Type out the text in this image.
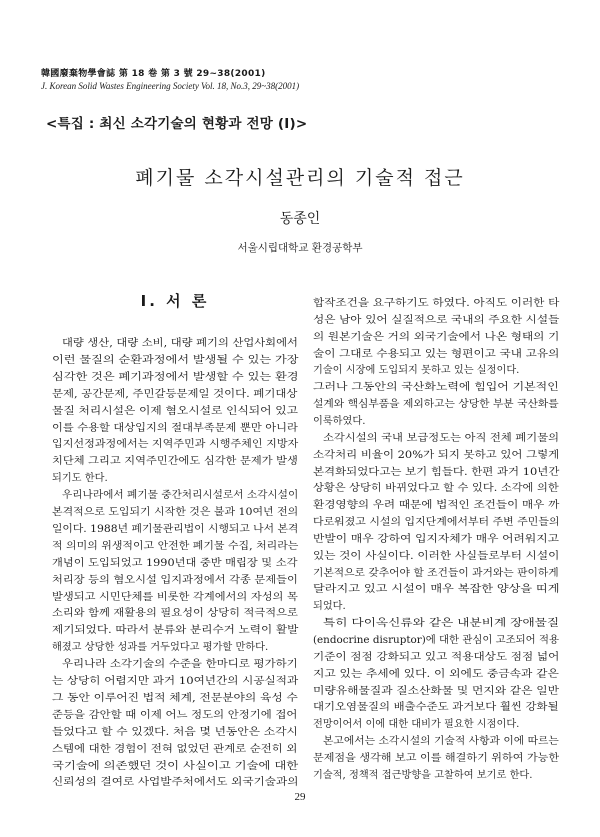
韓國廢棄物學會誌 第 18 卷 第 3 號 29~38(2001)
J. Korean Solid Wastes Engineering Society Vol. 18, No.3, 29~38(2001)
<특집 : 최신 소각기술의 현황과 전망 (Ⅰ)>
폐기물 소각시설관리의 기술적 접근
동종인
서울시립대학교 환경공학부
Ⅰ. 서 론
대량 생산, 대량 소비, 대량 폐기의 산업사회에서
이런 물질의 순환과정에서 발생될 수 있는 가장
심각한 것은 폐기과정에서 발생할 수 있는 환경
문제, 공간문제, 주민갈등문제일 것이다. 폐기대상
물질 처리시설은 이제 혐오시설로 인식되어 있고
이를 수용할 대상입지의 절대부족문제 뿐만 아니라
입지선정과정에서는 지역주민과 시행주체인 지방자
치단체 그리고 지역주민간에도 심각한 문제가 발생
되기도 한다.
우리나라에서 폐기물 중간처리시설로서 소각시설이
본격적으로 도입되기 시작한 것은 불과 10여년 전의
일이다. 1988년 폐기물관리법이 시행되고 나서 본격
적 의미의 위생적이고 안전한 폐기물 수집, 처리라는
개념이 도입되었고 1990년대 중반 매립장 및 소각
처리장 등의 혐오시설 입지과정에서 각종 문제들이
발생되고 시민단체를 비롯한 각계에서의 자성의 목
소리와 함께 재활용의 필요성이 상당히 적극적으로
제기되었다. 따라서 분류와 분리수거 노력이 활발
해졌고 상당한 성과를 거두었다고 평가할 만하다.
우리나라 소각기술의 수준을 한마디로 평가하기
는 상당히 어렵지만 과거 10여년간의 시공실적과
그 동안 이루어진 법적 체계, 전문분야의 육성 수
준등을 감안할 때 이제 어느 정도의 안정기에 접어
들었다고 할 수 있겠다. 처음 몇 년동안은 소각시
스템에 대한 경험이 전혀 없었던 관계로 순전히 외
국기술에 의존했던 것이 사실이고 기술에 대한
신뢰성의 결여로 사업발주처에서도 외국기술과의
합작조건을 요구하기도 하였다. 아직도 이러한 타
성은 남아 있어 실질적으로 국내의 주요한 시설들
의 원본기술은 거의 외국기술에서 나온 형태의 기
술이 그대로 수용되고 있는 형편이고 국내 고유의
기술이 시장에 도입되지 못하고 있는 실정이다.
그러나 그동안의 국산화노력에 힘입어 기본적인
설계와 핵심부품을 제외하고는 상당한 부분 국산화를
이룩하였다.
소각시설의 국내 보급정도는 아직 전체 폐기물의
소각처리 비율이 20%가 되지 못하고 있어 그렇게
본격화되었다고는 보기 힘들다. 한편 과거 10년간
상황은 상당히 바뀌었다고 할 수 있다. 소각에 의한
환경영향의 우려 때문에 법적인 조건들이 매우 까
다로워졌고 시설의 입지단계에서부터 주변 주민들의
반발이 매우 강하여 입지자체가 매우 어려워지고
있는 것이 사실이다. 이러한 사실들로부터 시설이
기본적으로 갖추어야 할 조건들이 과거와는 판이하게
달라지고 있고 시설이 매우 복잡한 양상을 띠게
되었다.
특히 다이옥신류와 같은 내분비계 장애물질
(endocrine disruptor)에 대한 관심이 고조되어 적용
기준이 점점 강화되고 있고 적용대상도 점점 넓어
지고 있는 추세에 있다. 이 외에도 중금속과 같은
미량유해물질과 질소산화물 및 먼지와 같은 일반
대기오염물질의 배출수준도 과거보다 훨씬 강화될
전망이어서 이에 대한 대비가 필요한 시점이다.
본고에서는 소각시설의 기술적 사항과 이에 따르는
문제점을 생각해 보고 이를 해결하기 위하여 가능한
기술적, 정책적 접근방향을 고찰하여 보기로 한다.
29
